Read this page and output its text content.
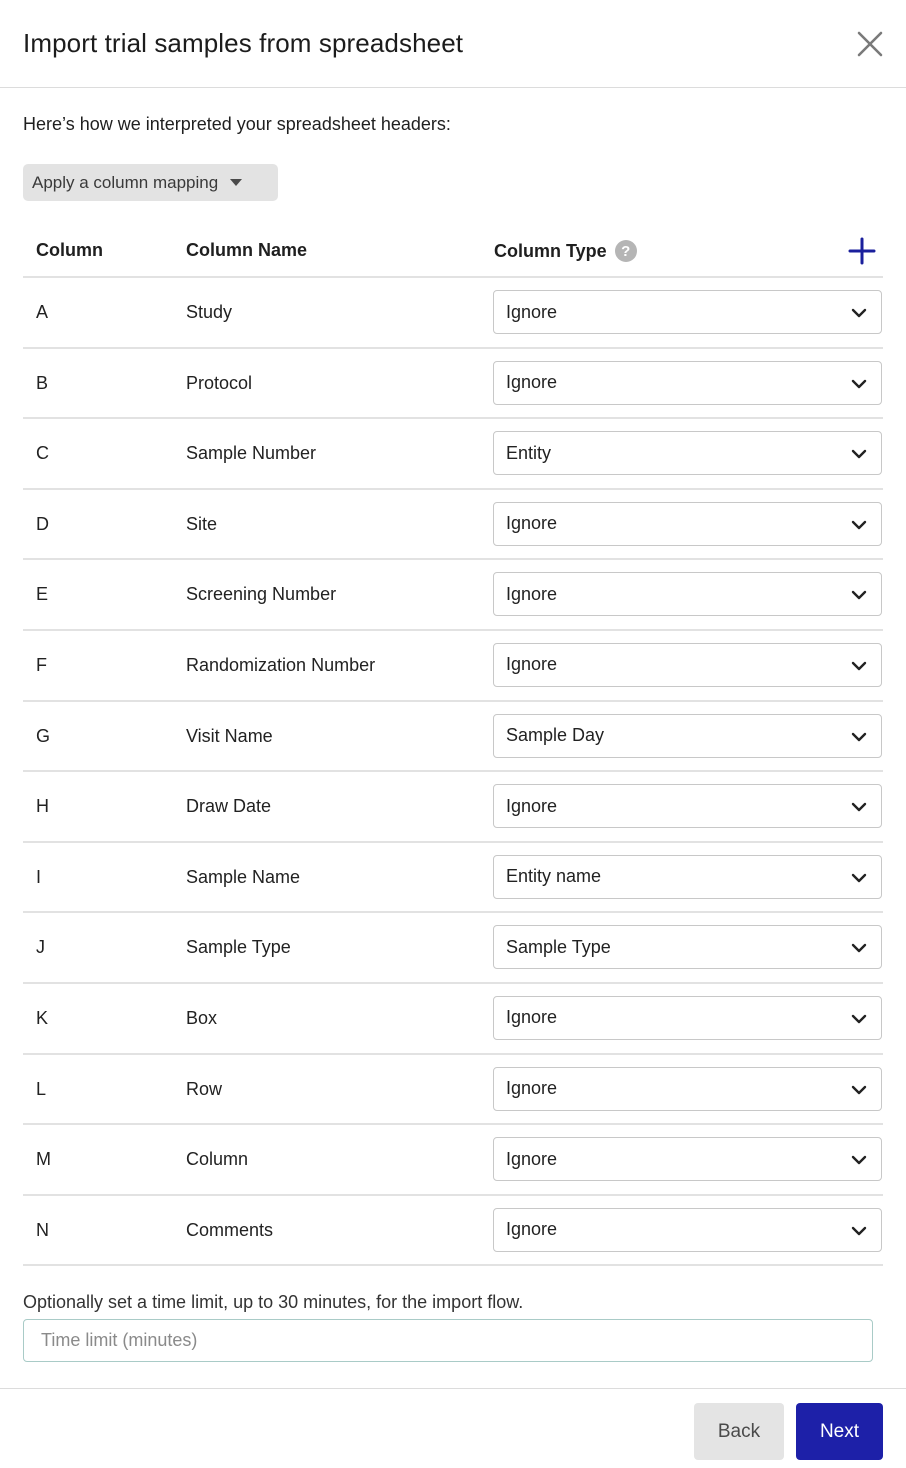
Import trial samples from spreadsheet
Here’s how we interpreted your spreadsheet headers:
Apply a column mapping
Column	Column Name	Column Type ?
A	Study	Ignore
B	Protocol	Ignore
C	Sample Number	Entity
D	Site	Ignore
E	Screening Number	Ignore
F	Randomization Number	Ignore
G	Visit Name	Sample Day
H	Draw Date	Ignore
I	Sample Name	Entity name
J	Sample Type	Sample Type
K	Box	Ignore
L	Row	Ignore
M	Column	Ignore
N	Comments	Ignore
Optionally set a time limit, up to 30 minutes, for the import flow.
Time limit (minutes)
Back	Next
